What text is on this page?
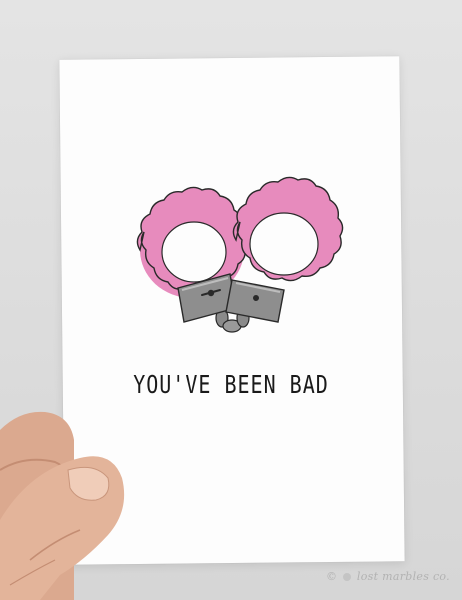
YOU'VE BEEN BAD
© lost marbles co.
